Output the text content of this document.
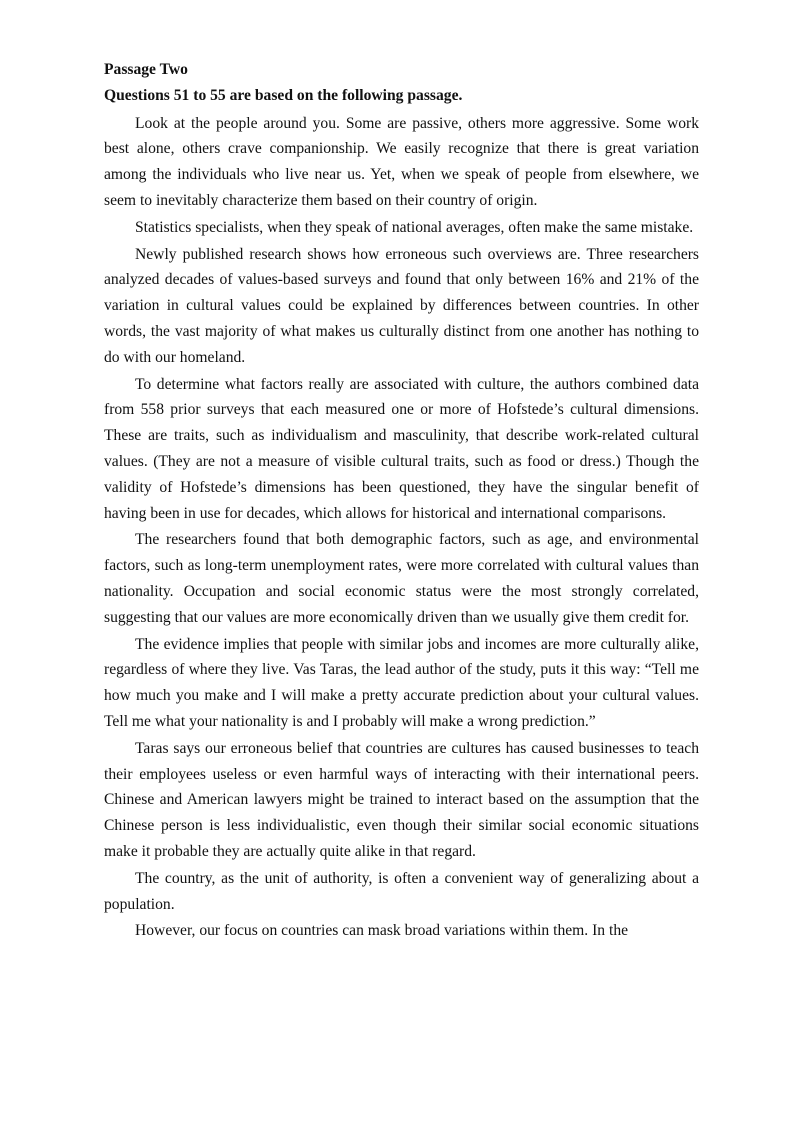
Passage Two

Questions 51 to 55 are based on the following passage.

Look at the people around you. Some are passive, others more aggressive. Some work best alone, others crave companionship. We easily recognize that there is great variation among the individuals who live near us. Yet, when we speak of people from elsewhere, we seem to inevitably characterize them based on their country of origin.

Statistics specialists, when they speak of national averages, often make the same mistake.

Newly published research shows how erroneous such overviews are. Three researchers analyzed decades of values-based surveys and found that only between 16% and 21% of the variation in cultural values could be explained by differences between countries. In other words, the vast majority of what makes us culturally distinct from one another has nothing to do with our homeland.

To determine what factors really are associated with culture, the authors combined data from 558 prior surveys that each measured one or more of Hofstede’s cultural dimensions. These are traits, such as individualism and masculinity, that describe work-related cultural values. (They are not a measure of visible cultural traits, such as food or dress.) Though the validity of Hofstede’s dimensions has been questioned, they have the singular benefit of having been in use for decades, which allows for historical and international comparisons.

The researchers found that both demographic factors, such as age, and environmental factors, such as long-term unemployment rates, were more correlated with cultural values than nationality. Occupation and social economic status were the most strongly correlated, suggesting that our values are more economically driven than we usually give them credit for.

The evidence implies that people with similar jobs and incomes are more culturally alike, regardless of where they live. Vas Taras, the lead author of the study, puts it this way: “Tell me how much you make and I will make a pretty accurate prediction about your cultural values. Tell me what your nationality is and I probably will make a wrong prediction.”

Taras says our erroneous belief that countries are cultures has caused businesses to teach their employees useless or even harmful ways of interacting with their international peers. Chinese and American lawyers might be trained to interact based on the assumption that the Chinese person is less individualistic, even though their similar social economic situations make it probable they are actually quite alike in that regard.

The country, as the unit of authority, is often a convenient way of generalizing about a population.

However, our focus on countries can mask broad variations within them. In the
